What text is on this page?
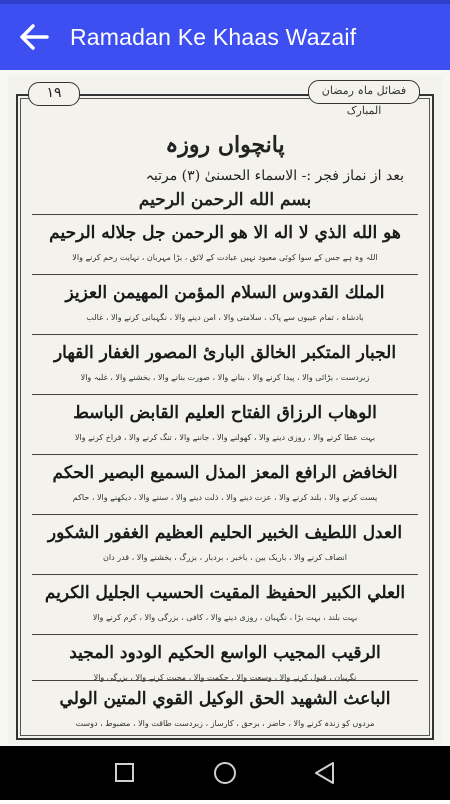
Ramadan Ke Khaas Wazaif
۱۹	فضائل ماہ رمضان المبارک
پانچواں روزہ
بعد از نماز فجر :- الاسماء الحسنیٰ (۳) مرتبہ
بسم الله الرحمن الرحيم
هو الله الذي لا اله الا هو الرحمن جل جلاله الرحيم
اللہ وہ ہے جس کے سوا کوئی معبود نہیں عبادت کے لائق ، بڑا مہربان ، نہایت رحم کرنے والا
الملك القدوس السلام المؤمن المهيمن العزيز
بادشاہ ، تمام عیبوں سے پاک ، سلامتی والا ، امن دینے والا ، نگہبانی کرنے والا ، غالب
الجبار المتكبر الخالق البارئ المصور الغفار القهار
زبردست ، بڑائی والا ، پیدا کرنے والا ، بنانے والا ، صورت بنانے والا ، بخشنے والا ، غلبہ والا
الوهاب الرزاق الفتاح العليم القابض الباسط
بہت عطا کرنے والا ، روزی دینے والا ، کھولنے والا ، جاننے والا ، تنگ کرنے والا ، فراخ کرنے والا
الخافض الرافع المعز المذل السميع البصير الحكم
پست کرنے والا ، بلند کرنے والا ، عزت دینے والا ، ذلت دینے والا ، سننے والا ، دیکھنے والا ، حاکم
العدل اللطيف الخبير الحليم العظيم الغفور الشكور
انصاف کرنے والا ، باریک بین ، باخبر ، بردبار ، بزرگ ، بخشنے والا ، قدر دان
العلي الكبير الحفيظ المقيت الحسيب الجليل الكريم
بہت بلند ، بہت بڑا ، نگہبان ، روزی دینے والا ، کافی ، بزرگی والا ، کرم کرنے والا
الرقيب المجيب الواسع الحكيم الودود المجيد
نگہبان ، قبول کرنے والا ، وسعت والا ، حکمت والا ، محبت کرنے والا ، بزرگی والا
الباعث الشهيد الحق الوكيل القوي المتين الولي
مردوں کو زندہ کرنے والا ، حاضر ، برحق ، کارساز ، زبردست طاقت والا ، مضبوط ، دوست
